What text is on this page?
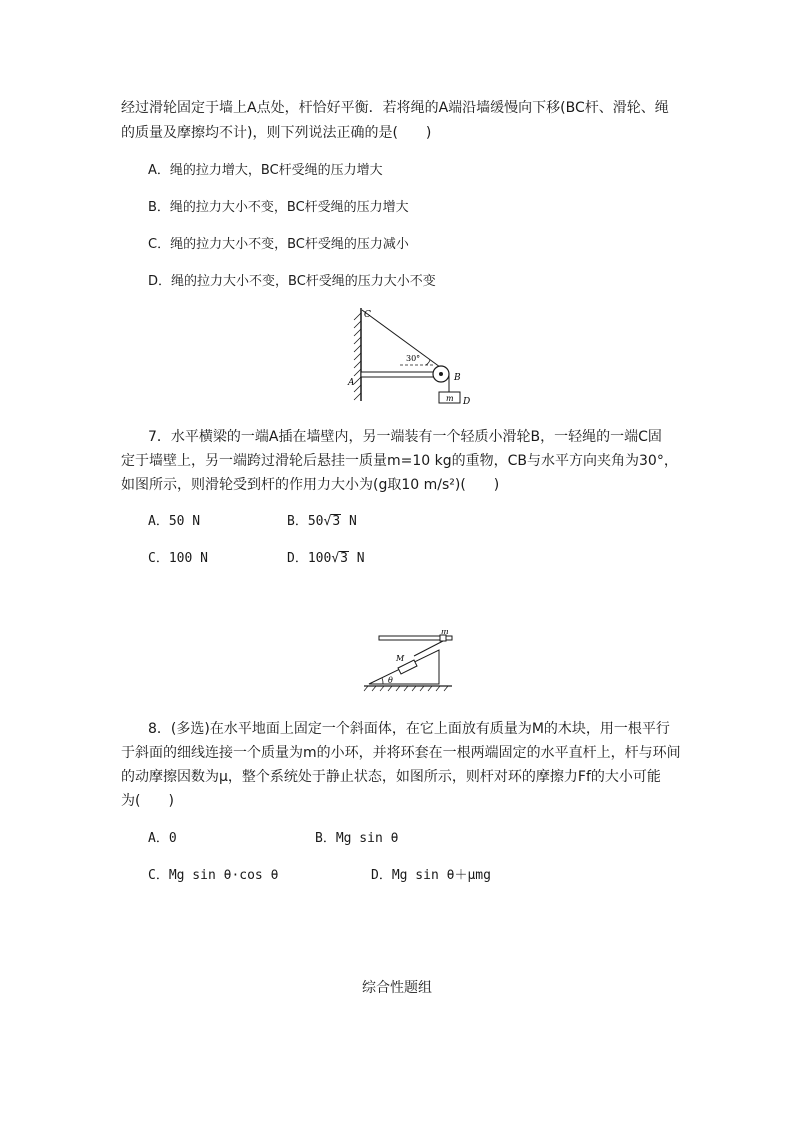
经过滑轮固定于墙上A点处，杆恰好平衡．若将绳的A端沿墙缓慢向下移(BC杆、滑轮、绳
的质量及摩擦均不计)，则下列说法正确的是(　　)
A．绳的拉力增大，BC杆受绳的压力增大
B．绳的拉力大小不变，BC杆受绳的压力增大
C．绳的拉力大小不变，BC杆受绳的压力减小
D．绳的拉力大小不变，BC杆受绳的压力大小不变
C
30°
A	B
m D
7．水平横梁的一端A插在墙壁内，另一端装有一个轻质小滑轮B，一轻绳的一端C固
定于墙壁上，另一端跨过滑轮后悬挂一质量m=10 kg的重物，CB与水平方向夹角为30°，
如图所示，则滑轮受到杆的作用力大小为(g取10 m/s²)(　　)
A．50 N	B．50√3 N
C．100 N	D．100√3 N
m
M
θ
8．(多选)在水平地面上固定一个斜面体，在它上面放有质量为M的木块，用一根平行
于斜面的细线连接一个质量为m的小环，并将环套在一根两端固定的水平直杆上，杆与环间
的动摩擦因数为μ，整个系统处于静止状态，如图所示，则杆对环的摩擦力Ff的大小可能
为(　　)
A．0	B．Mg sin θ
C．Mg sin θ·cos θ	D．Mg sin θ＋μmg
综合性题组
